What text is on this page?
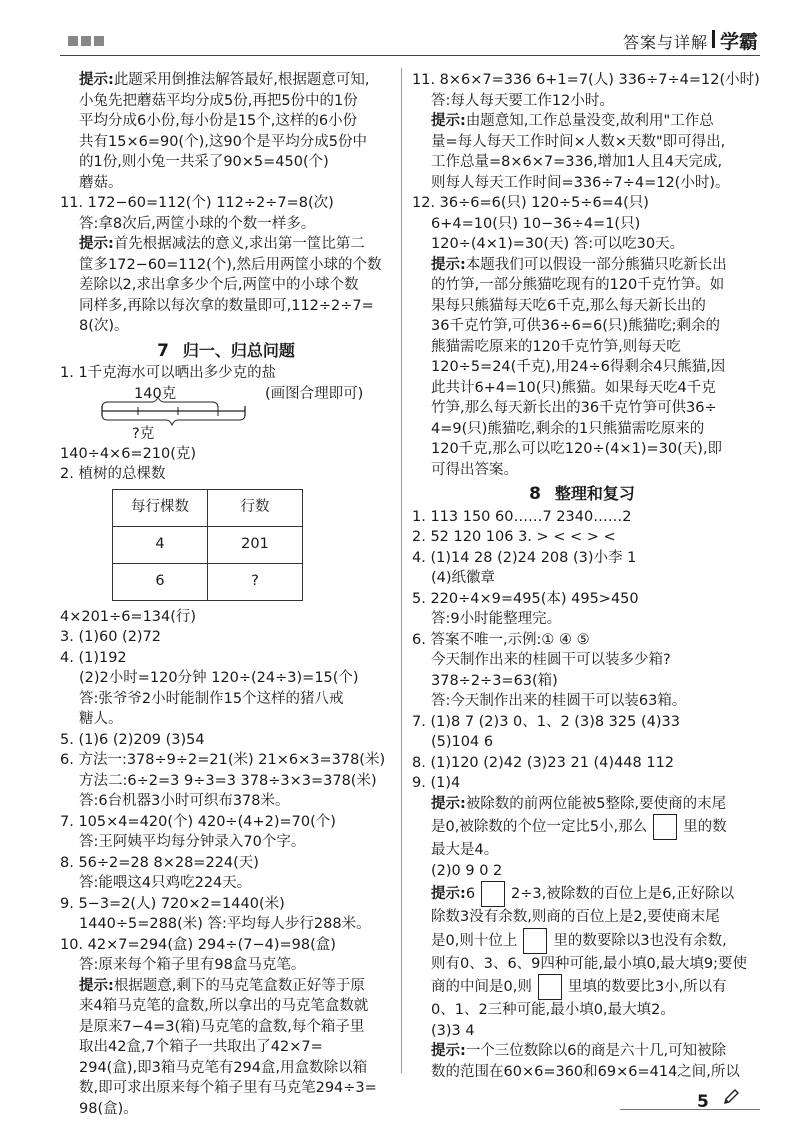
答案与详解 学霸

提示:此题采用倒推法解答最好,根据题意可知,

小兔先把蘑菇平均分成5份,再把5份中的1份

平均分成6小份,每小份是15个,这样的6小份

共有15×6=90(个),这90个是平均分成5份中

的1份,则小兔一共采了90×5=450(个)

蘑菇。

11. 172−60=112(个) 112÷2÷7=8(次)

答:拿8次后,两筐小球的个数一样多。

提示:首先根据减法的意义,求出第一筐比第二

筐多172−60=112(个),然后用两筐小球的个数

差除以2,求出拿多少个后,两筐中的小球个数

同样多,再除以每次拿的数量即可,112÷2÷7=

8(次)。

7 归一、归总问题

1. 1千克海水可以晒出多少克的盐

140克	(画图合理即可)
?克

140÷4×6=210(克)

2. 植树的总棵数

每行棵数	行数
4	201
6	?

4×201÷6=134(行)

3. (1)60 (2)72

4. (1)192

(2)2小时=120分钟 120÷(24÷3)=15(个)

答:张爷爷2小时能制作15个这样的猪八戒

糖人。

5. (1)6 (2)209 (3)54

6. 方法一:378÷9÷2=21(米) 21×6×3=378(米)

方法二:6÷2=3 9÷3=3 378÷3×3=378(米)

答:6台机器3小时可织布378米。

7. 105×4=420(个) 420÷(4+2)=70(个)

答:王阿姨平均每分钟录入70个字。

8. 56÷2=28 8×28=224(天)

答:能喂这4只鸡吃224天。

9. 5−3=2(人) 720×2=1440(米)

1440÷5=288(米) 答:平均每人步行288米。

10. 42×7=294(盒) 294÷(7−4)=98(盒)

答:原来每个箱子里有98盒马克笔。

提示:根据题意,剩下的马克笔盒数正好等于原

来4箱马克笔的盒数,所以拿出的马克笔盒数就

是原来7−4=3(箱)马克笔的盒数,每个箱子里

取出42盒,7个箱子一共取出了42×7=

294(盒),即3箱马克笔有294盒,用盒数除以箱

数,即可求出原来每个箱子里有马克笔294÷3=

98(盒)。

11. 8×6×7=336 6+1=7(人) 336÷7÷4=12(小时)

答:每人每天要工作12小时。

提示:由题意知,工作总量没变,故利用"工作总

量=每人每天工作时间×人数×天数"即可得出,

工作总量=8×6×7=336,增加1人且4天完成,

则每人每天工作时间=336÷7÷4=12(小时)。

12. 36÷6=6(只) 120÷5÷6=4(只)

6+4=10(只) 10−36÷4=1(只)

120÷(4×1)=30(天) 答:可以吃30天。

提示:本题我们可以假设一部分熊猫只吃新长出

的竹笋,一部分熊猫吃现有的120千克竹笋。如

果每只熊猫每天吃6千克,那么每天新长出的

36千克竹笋,可供36÷6=6(只)熊猫吃;剩余的

熊猫需吃原来的120千克竹笋,则每天吃

120÷5=24(千克),用24÷6得剩余4只熊猫,因

此共计6+4=10(只)熊猫。如果每天吃4千克

竹笋,那么每天新长出的36千克竹笋可供36÷

4=9(只)熊猫吃,剩余的1只熊猫需吃原来的

120千克,那么可以吃120÷(4×1)=30(天),即

可得出答案。

8 整理和复习

1. 113 150 60……7 2340……2

2. 52 120 106 3. > < < > <

4. (1)14 28 (2)24 208 (3)小李 1

(4)纸徽章

5. 220÷4×9=495(本) 495>450

答:9小时能整理完。

6. 答案不唯一,示例:① ④ ⑤

今天制作出来的桂圆干可以装多少箱?

378÷2÷3=63(箱)

答:今天制作出来的桂圆干可以装63箱。

7. (1)8 7 (2)3 0、1、2 (3)8 325 (4)33

(5)104 6

8. (1)120 (2)42 (3)23 21 (4)448 112

9. (1)4

提示:被除数的前两位能被5整除,要使商的末尾

是0,被除数的个位一定比5小,那么 里的数

最大是4。

(2)0 9 0 2

提示:6 2÷3,被除数的百位上是6,正好除以

除数3没有余数,则商的百位上是2,要使商末尾

是0,则十位上 里的数要除以3也没有余数,

则有0、3、6、9四种可能,最小填0,最大填9;要使

商的中间是0,则 里填的数要比3小,所以有

0、1、2三种可能,最小填0,最大填2。

(3)3 4

提示:一个三位数除以6的商是六十几,可知被除

数的范围在60×6=360和69×6=414之间,所以

5
